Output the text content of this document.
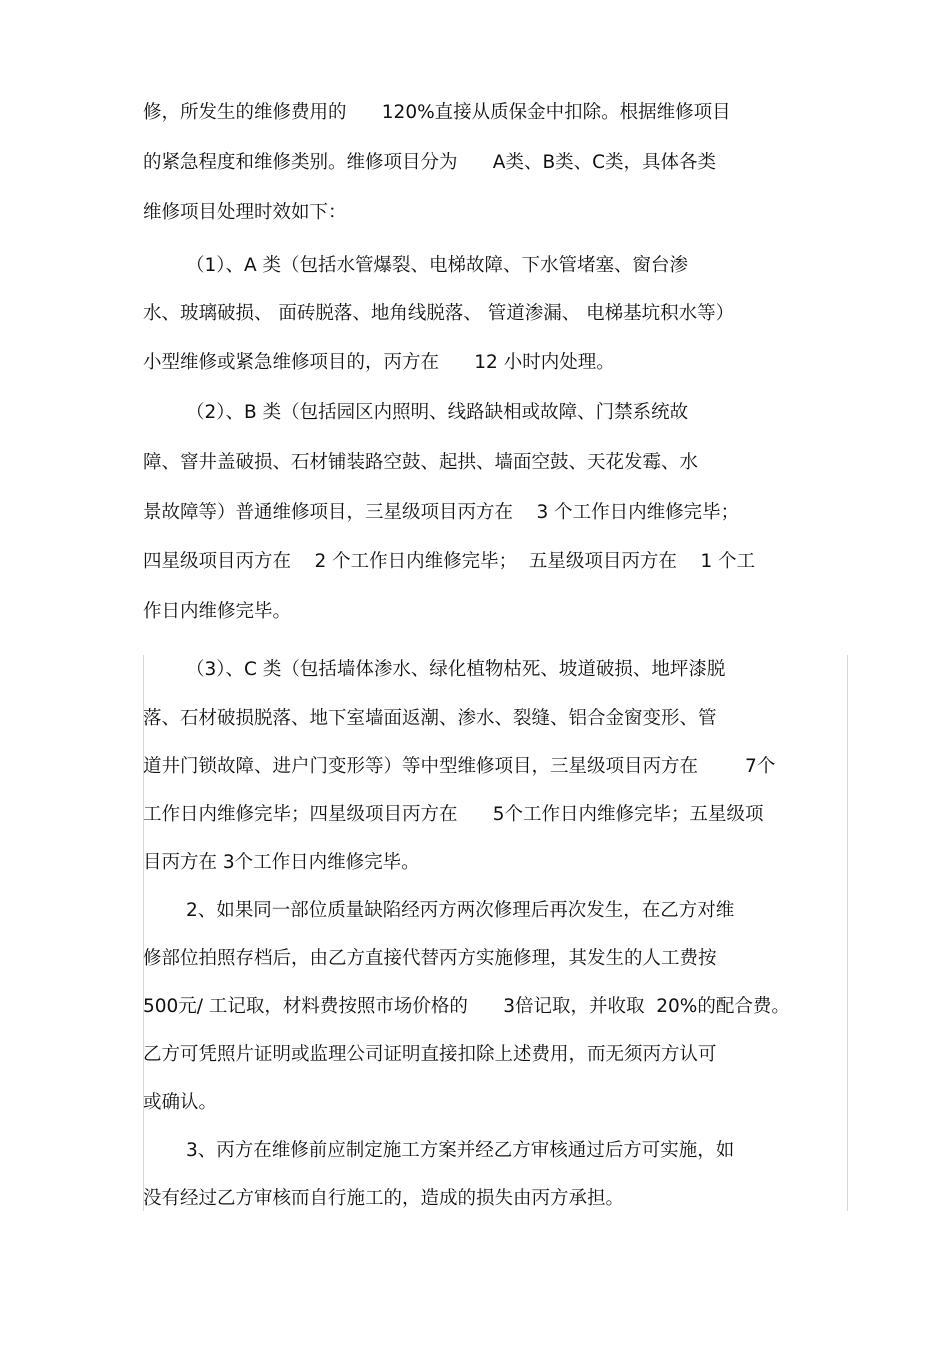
修，所发生的维修费用的      120%直接从质保金中扣除。根据维修项目
的紧急程度和维修类别。维修项目分为      A类、B类、C类，具体各类
维修项目处理时效如下：
（1）、A 类（包括水管爆裂、电梯故障、下水管堵塞、窗台渗
水、玻璃破损、 面砖脱落、地角线脱落、 管道渗漏、 电梯基坑积水等）
小型维修或紧急维修项目的，丙方在      12 小时内处理。
（2）、B 类（包括园区内照明、线路缺相或故障、门禁系统故
障、窨井盖破损、石材铺装路空鼓、起拱、墙面空鼓、天花发霉、水
景故障等）普通维修项目，三星级项目丙方在    3 个工作日内维修完毕；
四星级项目丙方在    2 个工作日内维修完毕；  五星级项目丙方在    1 个工
作日内维修完毕。
（3）、C 类（包括墙体渗水、绿化植物枯死、坡道破损、地坪漆脱
落、石材破损脱落、地下室墙面返潮、渗水、裂缝、铝合金窗变形、管
道井门锁故障、进户门变形等）等中型维修项目，三星级项目丙方在        7个
工作日内维修完毕；四星级项目丙方在      5个工作日内维修完毕；五星级项
目丙方在 3个工作日内维修完毕。
2、如果同一部位质量缺陷经丙方两次修理后再次发生，在乙方对维
修部位拍照存档后，由乙方直接代替丙方实施修理，其发生的人工费按
500元/ 工记取，材料费按照市场价格的      3倍记取，并收取  20%的配合费。
乙方可凭照片证明或监理公司证明直接扣除上述费用，而无须丙方认可
或确认。
3、丙方在维修前应制定施工方案并经乙方审核通过后方可实施，如
没有经过乙方审核而自行施工的，造成的损失由丙方承担。
